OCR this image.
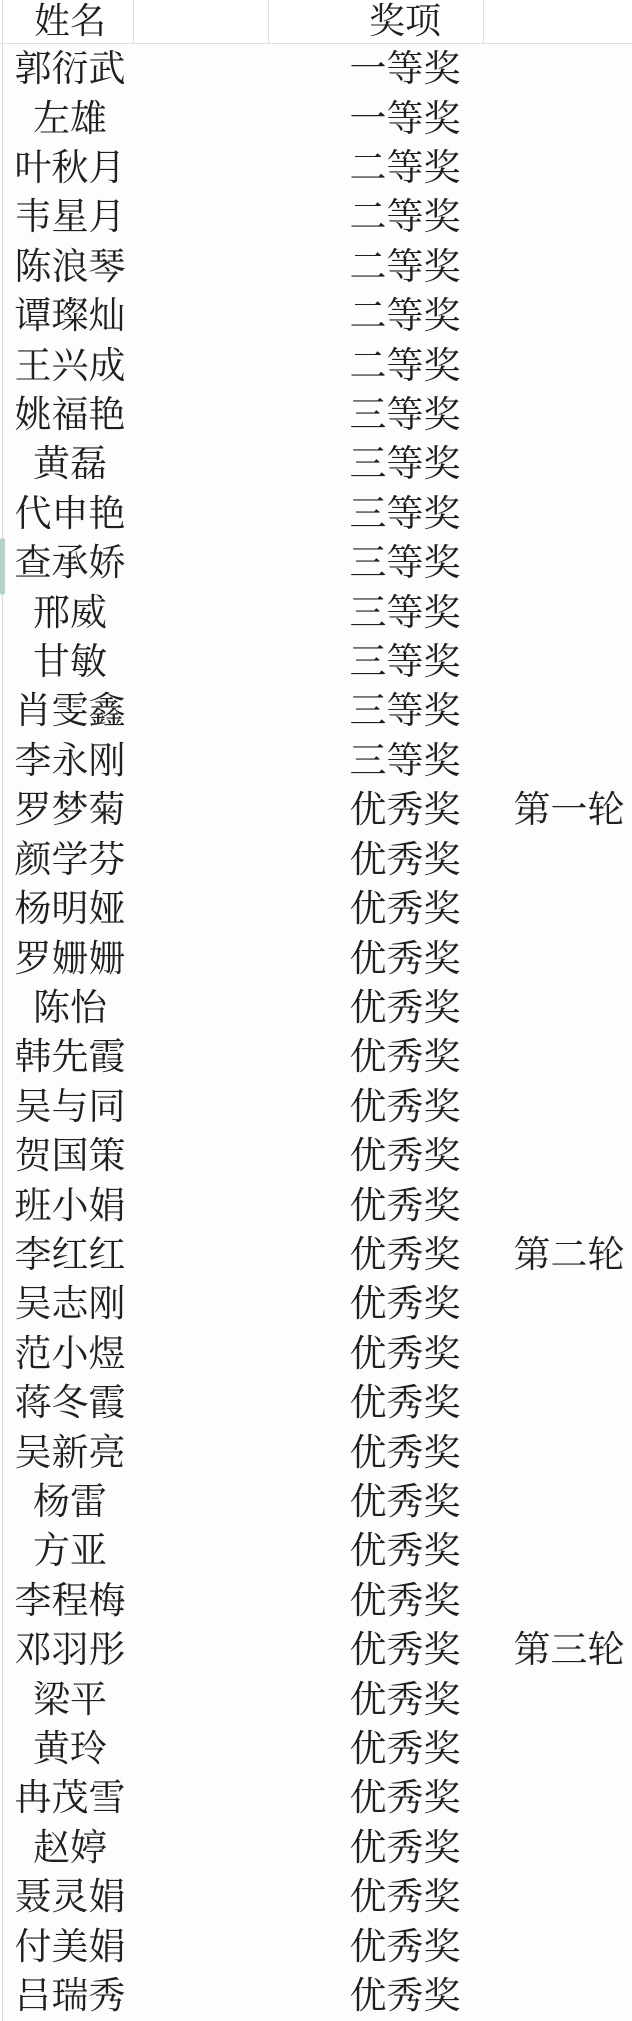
姓名	奖项
郭衍武	一等奖
左雄	一等奖
叶秋月	二等奖
韦星月	二等奖
陈浪琴	二等奖
谭璨灿	二等奖
王兴成	二等奖
姚福艳	三等奖
黄磊	三等奖
代申艳	三等奖
查承娇	三等奖
邢威	三等奖
甘敏	三等奖
肖雯鑫	三等奖
李永刚	三等奖
罗梦菊	优秀奖	第一轮
颜学芬	优秀奖
杨明娅	优秀奖
罗姗姗	优秀奖
陈怡	优秀奖
韩先霞	优秀奖
吴与同	优秀奖
贺国策	优秀奖
班小娟	优秀奖
李红红	优秀奖	第二轮
吴志刚	优秀奖
范小煜	优秀奖
蒋冬霞	优秀奖
吴新亮	优秀奖
杨雷	优秀奖
方亚	优秀奖
李程梅	优秀奖
邓羽彤	优秀奖	第三轮
梁平	优秀奖
黄玲	优秀奖
冉茂雪	优秀奖
赵婷	优秀奖
聂灵娟	优秀奖
付美娟	优秀奖
吕瑞秀	优秀奖
